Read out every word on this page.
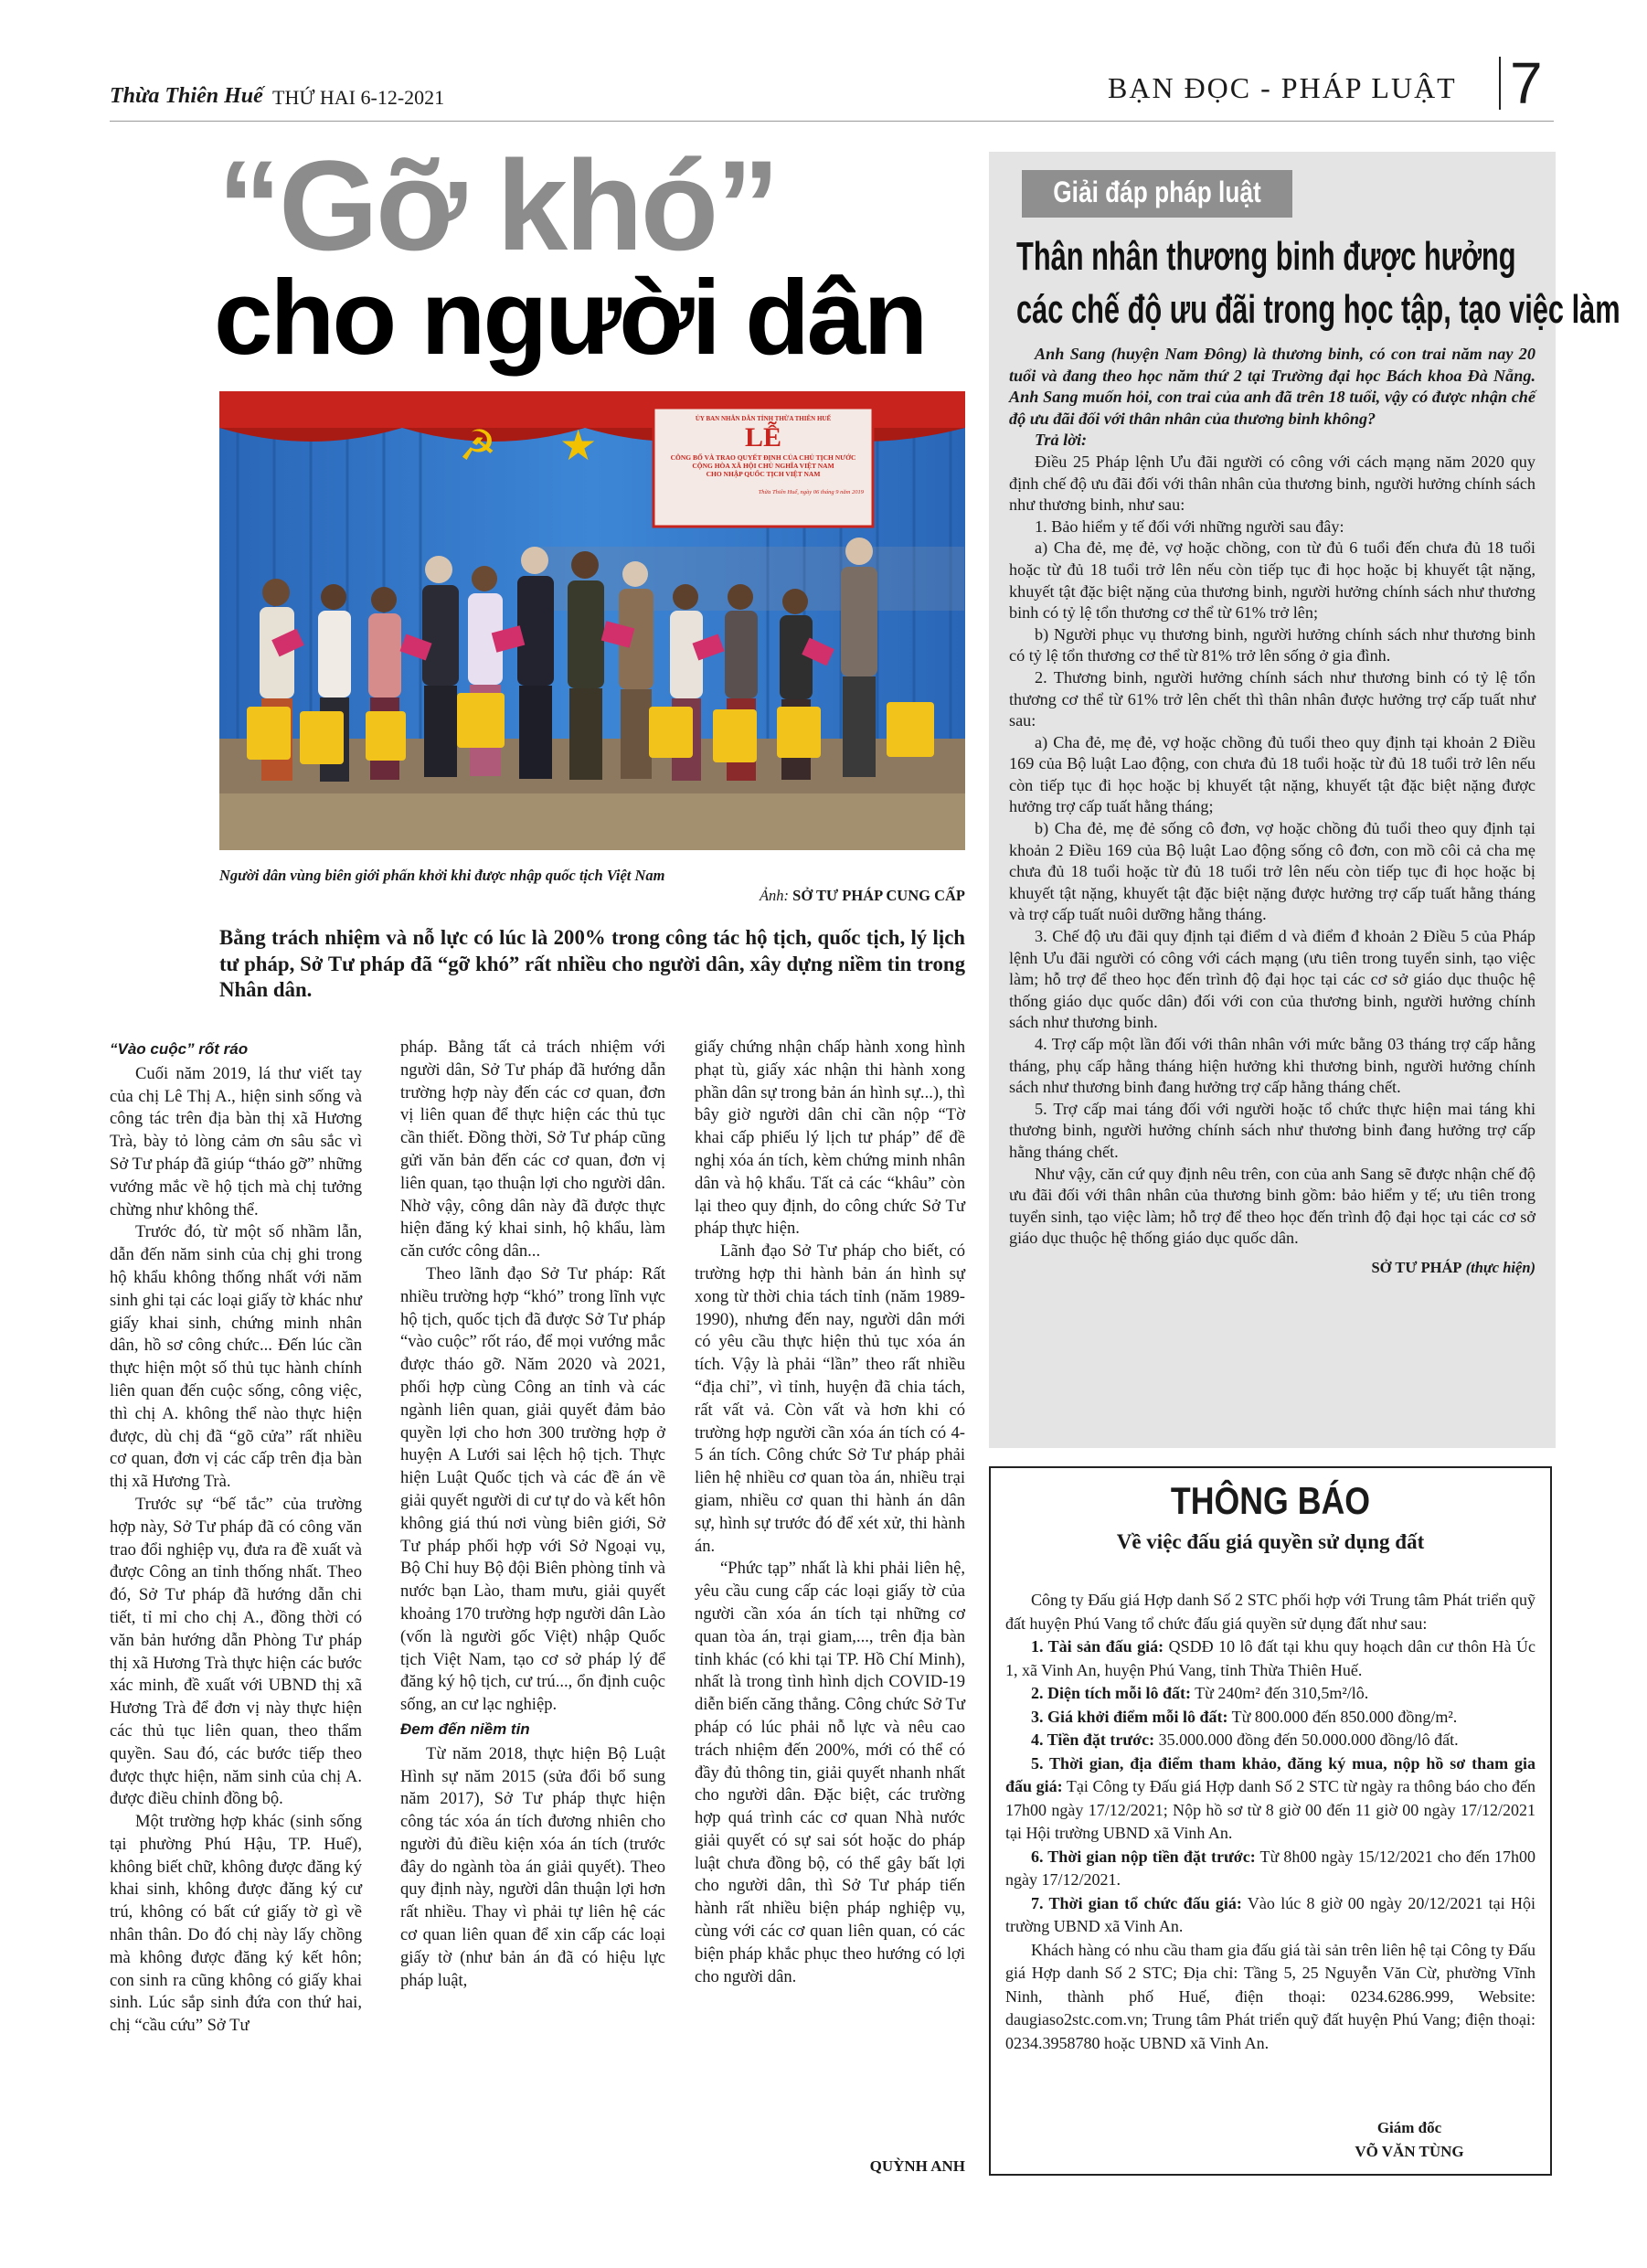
Thừa Thiên Huế THỨ HAI 6-12-2021	BẠN ĐỌC - PHÁP LUẬT 7
“Gỡ khó”
cho người dân
☭ ★
ỦY BAN NHÂN DÂN TỈNH THỪA THIÊN HUẾ
LỄ
CÔNG BỐ VÀ TRAO QUYẾT ĐỊNH CỦA CHỦ TỊCH NƯỚC
CỘNG HÒA XÃ HỘI CHỦ NGHĨA VIỆT NAM
CHO NHẬP QUỐC TỊCH VIỆT NAM
Thừa Thiên Huế, ngày 06 tháng 9 năm 2019
Người dân vùng biên giới phấn khởi khi được nhập quốc tịch Việt Nam
Ảnh: SỞ TƯ PHÁP CUNG CẤP
Bằng trách nhiệm và nỗ lực có lúc là 200% trong công tác hộ tịch, quốc tịch, lý lịch tư pháp, Sở Tư pháp đã “gỡ khó” rất nhiều cho người dân, xây dựng niềm tin trong Nhân dân.
“Vào cuộc” rốt ráo

Cuối năm 2019, lá thư viết tay của chị Lê Thị A., hiện sinh sống và công tác trên địa bàn thị xã Hương Trà, bày tỏ lòng cảm ơn sâu sắc vì Sở Tư pháp đã giúp “tháo gỡ” những vướng mắc về hộ tịch mà chị tưởng chừng như không thể.

Trước đó, từ một số nhầm lẫn, dẫn đến năm sinh của chị ghi trong hộ khẩu không thống nhất với năm sinh ghi tại các loại giấy tờ khác như giấy khai sinh, chứng minh nhân dân, hồ sơ công chức... Đến lúc cần thực hiện một số thủ tục hành chính liên quan đến cuộc sống, công việc, thì chị A. không thể nào thực hiện được, dù chị đã “gõ cửa” rất nhiều cơ quan, đơn vị các cấp trên địa bàn thị xã Hương Trà.

Trước sự “bế tắc” của trường hợp này, Sở Tư pháp đã có công văn trao đổi nghiệp vụ, đưa ra đề xuất và được Công an tỉnh thống nhất. Theo đó, Sở Tư pháp đã hướng dẫn chi tiết, tỉ mỉ cho chị A., đồng thời có văn bản hướng dẫn Phòng Tư pháp thị xã Hương Trà thực hiện các bước xác minh, đề xuất với UBND thị xã Hương Trà để đơn vị này thực hiện các thủ tục liên quan, theo thẩm quyền. Sau đó, các bước tiếp theo được thực hiện, năm sinh của chị A. được điều chỉnh đồng bộ.

Một trường hợp khác (sinh sống tại phường Phú Hậu, TP. Huế), không biết chữ, không được đăng ký khai sinh, không được đăng ký cư trú, không có bất cứ giấy tờ gì về nhân thân. Do đó chị này lấy chồng mà không được đăng ký kết hôn; con sinh ra cũng không có giấy khai sinh. Lúc sắp sinh đứa con thứ hai, chị “cầu cứu” Sở Tư

pháp. Bằng tất cả trách nhiệm với người dân, Sở Tư pháp đã hướng dẫn trường hợp này đến các cơ quan, đơn vị liên quan để thực hiện các thủ tục cần thiết. Đồng thời, Sở Tư pháp cũng gửi văn bản đến các cơ quan, đơn vị liên quan, tạo thuận lợi cho người dân. Nhờ vậy, công dân này đã được thực hiện đăng ký khai sinh, hộ khẩu, làm căn cước công dân...

Theo lãnh đạo Sở Tư pháp: Rất nhiều trường hợp “khó” trong lĩnh vực hộ tịch, quốc tịch đã được Sở Tư pháp “vào cuộc” rốt ráo, để mọi vướng mắc được tháo gỡ. Năm 2020 và 2021, phối hợp cùng Công an tỉnh và các ngành liên quan, giải quyết đảm bảo quyền lợi cho hơn 300 trường hợp ở huyện A Lưới sai lệch hộ tịch. Thực hiện Luật Quốc tịch và các đề án về giải quyết người di cư tự do và kết hôn không giá thú nơi vùng biên giới, Sở Tư pháp phối hợp với Sở Ngoại vụ, Bộ Chỉ huy Bộ đội Biên phòng tỉnh và nước bạn Lào, tham mưu, giải quyết khoảng 170 trường hợp người dân Lào (vốn là người gốc Việt) nhập Quốc tịch Việt Nam, tạo cơ sở pháp lý để đăng ký hộ tịch, cư trú..., ổn định cuộc sống, an cư lạc nghiệp.

Đem đến niềm tin

Từ năm 2018, thực hiện Bộ Luật Hình sự năm 2015 (sửa đổi bổ sung năm 2017), Sở Tư pháp thực hiện công tác xóa án tích đương nhiên cho người đủ điều kiện xóa án tích (trước đây do ngành tòa án giải quyết). Theo quy định này, người dân thuận lợi hơn rất nhiều. Thay vì phải tự liên hệ các cơ quan liên quan để xin cấp các loại giấy tờ (như bản án đã có hiệu lực pháp luật,

giấy chứng nhận chấp hành xong hình phạt tù, giấy xác nhận thi hành xong phần dân sự trong bản án hình sự...), thì bây giờ người dân chỉ cần nộp “Tờ khai cấp phiếu lý lịch tư pháp” để đề nghị xóa án tích, kèm chứng minh nhân dân và hộ khẩu. Tất cả các “khâu” còn lại theo quy định, do công chức Sở Tư pháp thực hiện.

Lãnh đạo Sở Tư pháp cho biết, có trường hợp thi hành bản án hình sự xong từ thời chia tách tỉnh (năm 1989- 1990), nhưng đến nay, người dân mới có yêu cầu thực hiện thủ tục xóa án tích. Vậy là phải “lần” theo rất nhiều “địa chỉ”, vì tỉnh, huyện đã chia tách, rất vất vả. Còn vất và hơn khi có trường hợp người cần xóa án tích có 4-5 án tích. Công chức Sở Tư pháp phải liên hệ nhiều cơ quan tòa án, nhiều trại giam, nhiều cơ quan thi hành án dân sự, hình sự trước đó để xét xử, thi hành án.

“Phức tạp” nhất là khi phải liên hệ, yêu cầu cung cấp các loại giấy tờ của người cần xóa án tích tại những cơ quan tòa án, trại giam,..., trên địa bàn tỉnh khác (có khi tại TP. Hồ Chí Minh), nhất là trong tình hình dịch COVID-19 diễn biến căng thẳng. Công chức Sở Tư pháp có lúc phải nỗ lực và nêu cao trách nhiệm đến 200%, mới có thể có đầy đủ thông tin, giải quyết nhanh nhất cho người dân. Đặc biệt, các trường hợp quá trình các cơ quan Nhà nước giải quyết có sự sai sót hoặc do pháp luật chưa đồng bộ, có thể gây bất lợi cho người dân, thì Sở Tư pháp tiến hành rất nhiều biện pháp nghiệp vụ, cùng với các cơ quan liên quan, có các biện pháp khắc phục theo hướng có lợi cho người dân.

QUỲNH ANH
Giải đáp pháp luật
Thân nhân thương binh được hưởng
các chế độ ưu đãi trong học tập, tạo việc làm

Anh Sang (huyện Nam Đông) là thương binh, có con trai năm nay 20 tuổi và đang theo học năm thứ 2 tại Trường đại học Bách khoa Đà Nẵng. Anh Sang muốn hỏi, con trai của anh đã trên 18 tuổi, vậy có được nhận chế độ ưu đãi đối với thân nhân của thương binh không?

Trả lời:

Điều 25 Pháp lệnh Ưu đãi người có công với cách mạng năm 2020 quy định chế độ ưu đãi đối với thân nhân của thương binh, người hưởng chính sách như thương binh, như sau:

1. Bảo hiểm y tế đối với những người sau đây:

a) Cha đẻ, mẹ đẻ, vợ hoặc chồng, con từ đủ 6 tuổi đến chưa đủ 18 tuổi hoặc từ đủ 18 tuổi trở lên nếu còn tiếp tục đi học hoặc bị khuyết tật nặng, khuyết tật đặc biệt nặng của thương binh, người hưởng chính sách như thương binh có tỷ lệ tổn thương cơ thể từ 61% trở lên;

b) Người phục vụ thương binh, người hưởng chính sách như thương binh có tỷ lệ tổn thương cơ thể từ 81% trở lên sống ở gia đình.

2. Thương binh, người hưởng chính sách như thương binh có tỷ lệ tổn thương cơ thể từ 61% trở lên chết thì thân nhân được hưởng trợ cấp tuất như sau:

a) Cha đẻ, mẹ đẻ, vợ hoặc chồng đủ tuổi theo quy định tại khoản 2 Điều 169 của Bộ luật Lao động, con chưa đủ 18 tuổi hoặc từ đủ 18 tuổi trở lên nếu còn tiếp tục đi học hoặc bị khuyết tật nặng, khuyết tật đặc biệt nặng được hưởng trợ cấp tuất hằng tháng;

b) Cha đẻ, mẹ đẻ sống cô đơn, vợ hoặc chồng đủ tuổi theo quy định tại khoản 2 Điều 169 của Bộ luật Lao động sống cô đơn, con mồ côi cả cha mẹ chưa đủ 18 tuổi hoặc từ đủ 18 tuổi trở lên nếu còn tiếp tục đi học hoặc bị khuyết tật nặng, khuyết tật đặc biệt nặng được hưởng trợ cấp tuất hằng tháng và trợ cấp tuất nuôi dưỡng hằng tháng.

3. Chế độ ưu đãi quy định tại điểm d và điểm đ khoản 2 Điều 5 của Pháp lệnh Ưu đãi người có công với cách mạng (ưu tiên trong tuyển sinh, tạo việc làm; hỗ trợ để theo học đến trình độ đại học tại các cơ sở giáo dục thuộc hệ thống giáo dục quốc dân) đối với con của thương binh, người hưởng chính sách như thương binh.

4. Trợ cấp một lần đối với thân nhân với mức bằng 03 tháng trợ cấp hằng tháng, phụ cấp hằng tháng hiện hưởng khi thương binh, người hưởng chính sách như thương binh đang hưởng trợ cấp hằng tháng chết.

5. Trợ cấp mai táng đối với người hoặc tổ chức thực hiện mai táng khi thương binh, người hưởng chính sách như thương binh đang hưởng trợ cấp hằng tháng chết.

Như vậy, căn cứ quy định nêu trên, con của anh Sang sẽ được nhận chế độ ưu đãi đối với thân nhân của thương binh gồm: bảo hiểm y tế; ưu tiên trong tuyển sinh, tạo việc làm; hỗ trợ để theo học đến trình độ đại học tại các cơ sở giáo dục thuộc hệ thống giáo dục quốc dân.

SỞ TƯ PHÁP (thực hiện)
THÔNG BÁO
Về việc đấu giá quyền sử dụng đất

Công ty Đấu giá Hợp danh Số 2 STC phối hợp với Trung tâm Phát triển quỹ đất huyện Phú Vang tổ chức đấu giá quyền sử dụng đất như sau:

1. Tài sản đấu giá: QSDĐ 10 lô đất tại khu quy hoạch dân cư thôn Hà Úc 1, xã Vinh An, huyện Phú Vang, tỉnh Thừa Thiên Huế.

2. Diện tích mỗi lô đất: Từ 240m² đến 310,5m²/lô.

3. Giá khởi điểm mỗi lô đất: Từ 800.000 đến 850.000 đồng/m².

4. Tiền đặt trước: 35.000.000 đồng đến 50.000.000 đồng/lô đất.

5. Thời gian, địa điểm tham khảo, đăng ký mua, nộp hồ sơ tham gia đấu giá: Tại Công ty Đấu giá Hợp danh Số 2 STC từ ngày ra thông báo cho đến 17h00 ngày 17/12/2021; Nộp hồ sơ từ 8 giờ 00 đến 11 giờ 00 ngày 17/12/2021 tại Hội trường UBND xã Vinh An.

6. Thời gian nộp tiền đặt trước: Từ 8h00 ngày 15/12/2021 cho đến 17h00 ngày 17/12/2021.

7. Thời gian tổ chức đấu giá: Vào lúc 8 giờ 00 ngày 20/12/2021 tại Hội trường UBND xã Vinh An.

Khách hàng có nhu cầu tham gia đấu giá tài sản trên liên hệ tại Công ty Đấu giá Hợp danh Số 2 STC; Địa chỉ: Tầng 5, 25 Nguyễn Văn Cừ, phường Vĩnh Ninh, thành phố Huế, điện thoại: 0234.6286.999, Website: daugiaso2stc.com.vn; Trung tâm Phát triển quỹ đất huyện Phú Vang; điện thoại: 0234.3958780 hoặc UBND xã Vinh An.

Giám đốc
VÕ VĂN TÙNG
